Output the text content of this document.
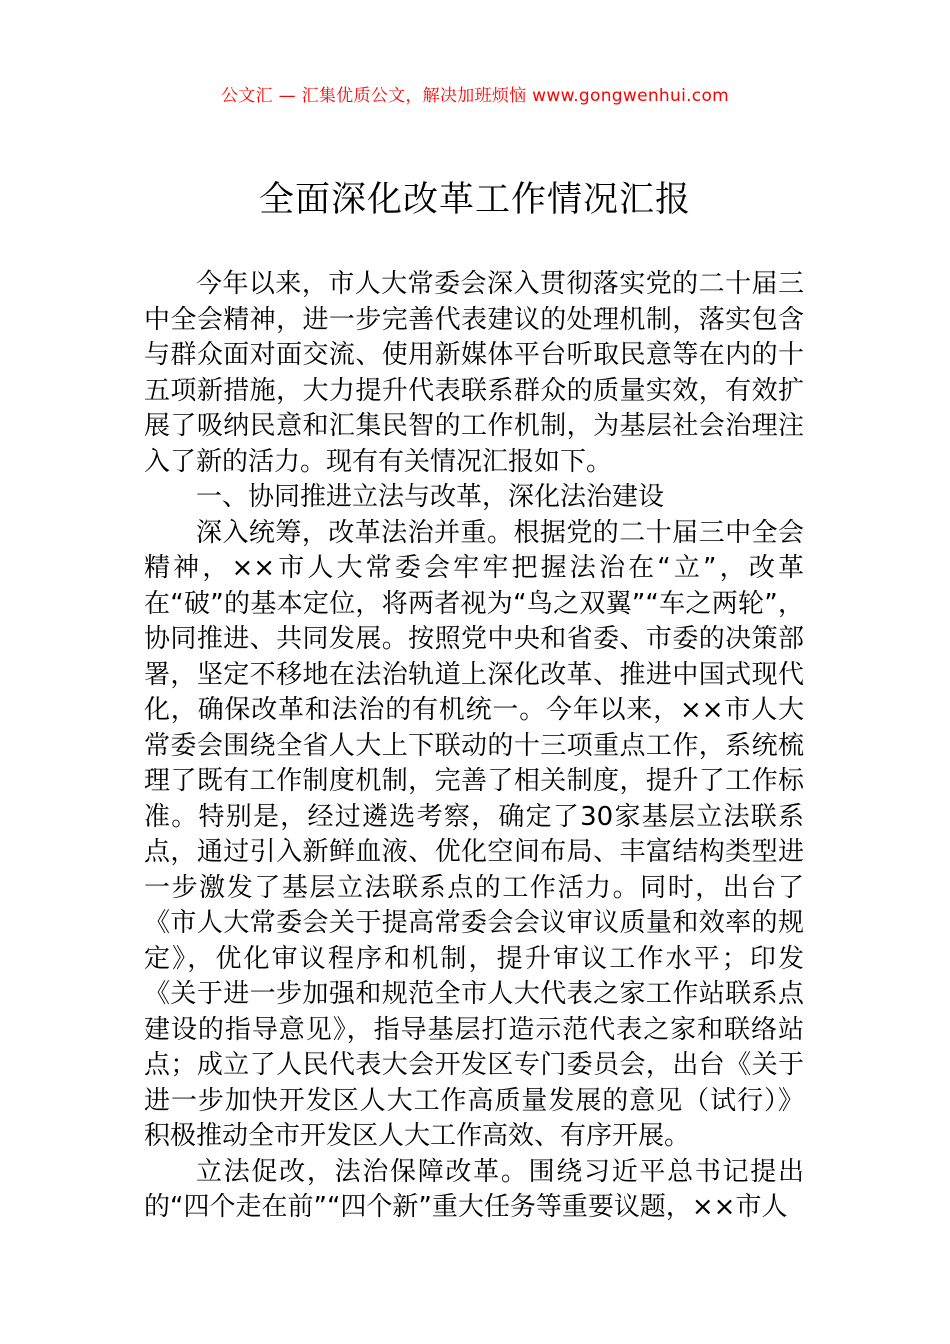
公文汇 — 汇集优质公文，解决加班烦恼 www.gongwenhui.com
全面深化改革工作情况汇报

今年以来，市人大常委会深入贯彻落实党的二十届三中全会精神，进一步完善代表建议的处理机制，落实包含与群众面对面交流、使用新媒体平台听取民意等在内的十五项新措施，大力提升代表联系群众的质量实效，有效扩展了吸纳民意和汇集民智的工作机制，为基层社会治理注入了新的活力。现有有关情况汇报如下。

一、协同推进立法与改革，深化法治建设

深入统筹，改革法治并重。根据党的二十届三中全会精神，××市人大常委会牢牢把握法治在“立”，改革在“破”的基本定位，将两者视为“鸟之双翼”“车之两轮”，协同推进、共同发展。按照党中央和省委、市委的决策部署，坚定不移地在法治轨道上深化改革、推进中国式现代化，确保改革和法治的有机统一。今年以来，××市人大常委会围绕全省人大上下联动的十三项重点工作，系统梳理了既有工作制度机制，完善了相关制度，提升了工作标准。特别是，经过遴选考察，确定了30家基层立法联系点，通过引入新鲜血液、优化空间布局、丰富结构类型进一步激发了基层立法联系点的工作活力。同时，出台了《市人大常委会关于提高常委会会议审议质量和效率的规定》，优化审议程序和机制，提升审议工作水平；印发《关于进一步加强和规范全市人大代表之家工作站联系点建设的指导意见》，指导基层打造示范代表之家和联络站点；成立了人民代表大会开发区专门委员会，出台《关于进一步加快开发区人大工作高质量发展的意见（试行）》积极推动全市开发区人大工作高效、有序开展。

立法促改，法治保障改革。围绕习近平总书记提出的“四个走在前”“四个新”重大任务等重要议题，××市人
